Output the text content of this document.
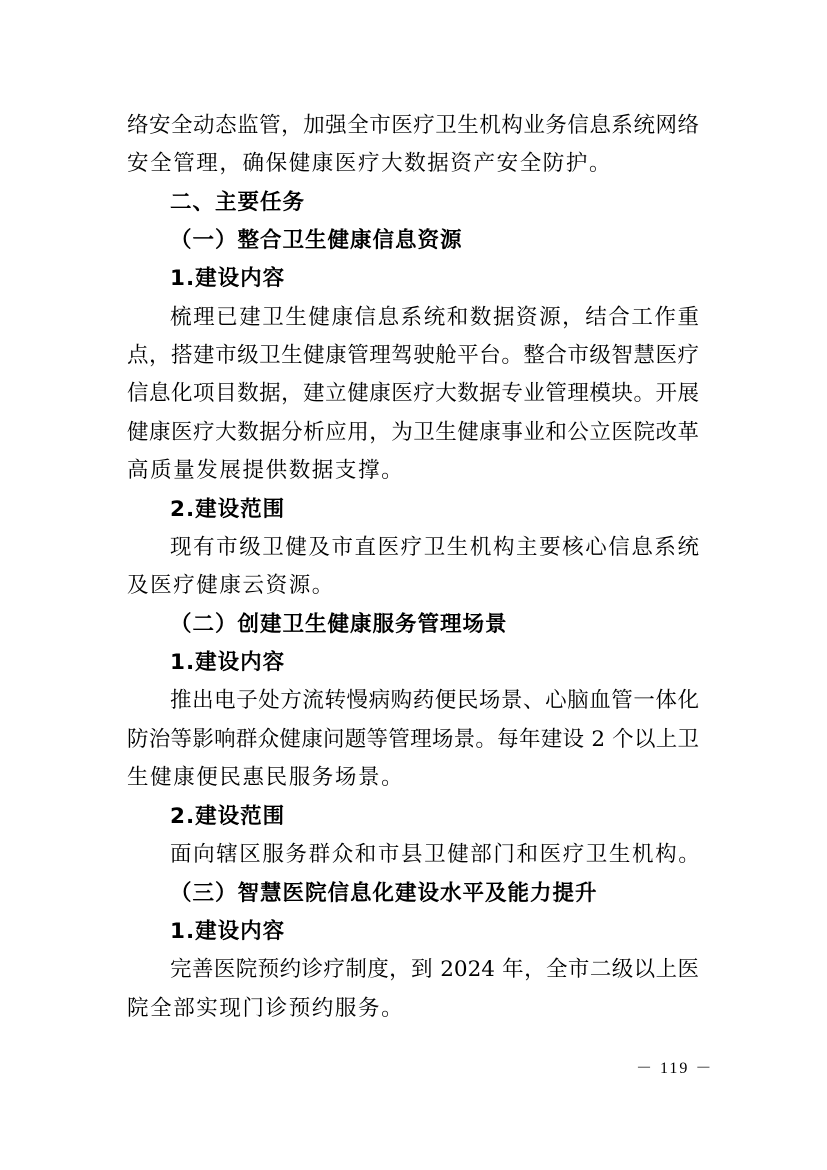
络安全动态监管，加强全市医疗卫生机构业务信息系统网络
安全管理，确保健康医疗大数据资产安全防护。
二、主要任务
（一）整合卫生健康信息资源
1.建设内容
梳理已建卫生健康信息系统和数据资源，结合工作重
点，搭建市级卫生健康管理驾驶舱平台。整合市级智慧医疗
信息化项目数据，建立健康医疗大数据专业管理模块。开展
健康医疗大数据分析应用，为卫生健康事业和公立医院改革
高质量发展提供数据支撑。
2.建设范围
现有市级卫健及市直医疗卫生机构主要核心信息系统
及医疗健康云资源。
（二）创建卫生健康服务管理场景
1.建设内容
推出电子处方流转慢病购药便民场景、心脑血管一体化
防治等影响群众健康问题等管理场景。每年建设 2 个以上卫
生健康便民惠民服务场景。
2.建设范围
面向辖区服务群众和市县卫健部门和医疗卫生机构。
（三）智慧医院信息化建设水平及能力提升
1.建设内容
完善医院预约诊疗制度，到 2024 年，全市二级以上医
院全部实现门诊预约服务。
－ 119 －
